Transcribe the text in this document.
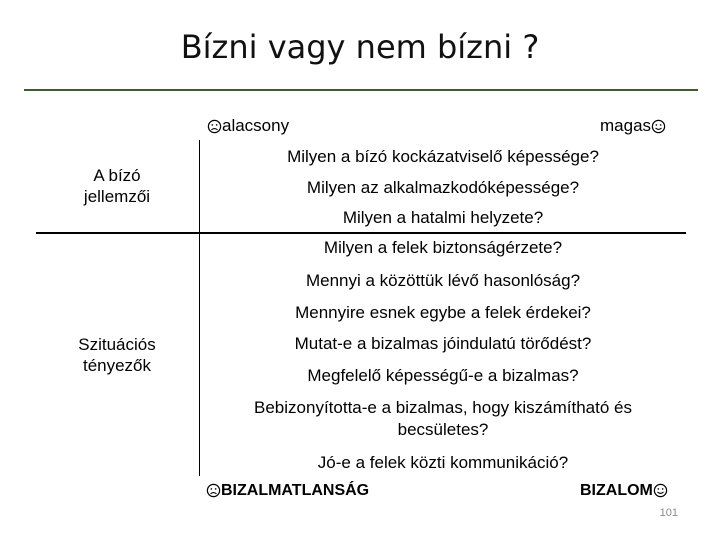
Bízni vagy nem bízni ?
alacsony	magas
A bízó
jellemzői
Szituációs
tényezők
Milyen a bízó kockázatviselő képessége?
Milyen az alkalmazkodóképessége?
Milyen a hatalmi helyzete?
Milyen a felek biztonságérzete?
Mennyi a közöttük lévő hasonlóság?
Mennyire esnek egybe a felek érdekei?
Mutat-e a bizalmas jóindulatú törődést?
Megfelelő képességű-e a bizalmas?
Bebizonyította-e a bizalmas, hogy kiszámítható és
becsületes?
Jó-e a felek közti kommunikáció?
BIZALMATLANSÁG	BIZALOM
101
